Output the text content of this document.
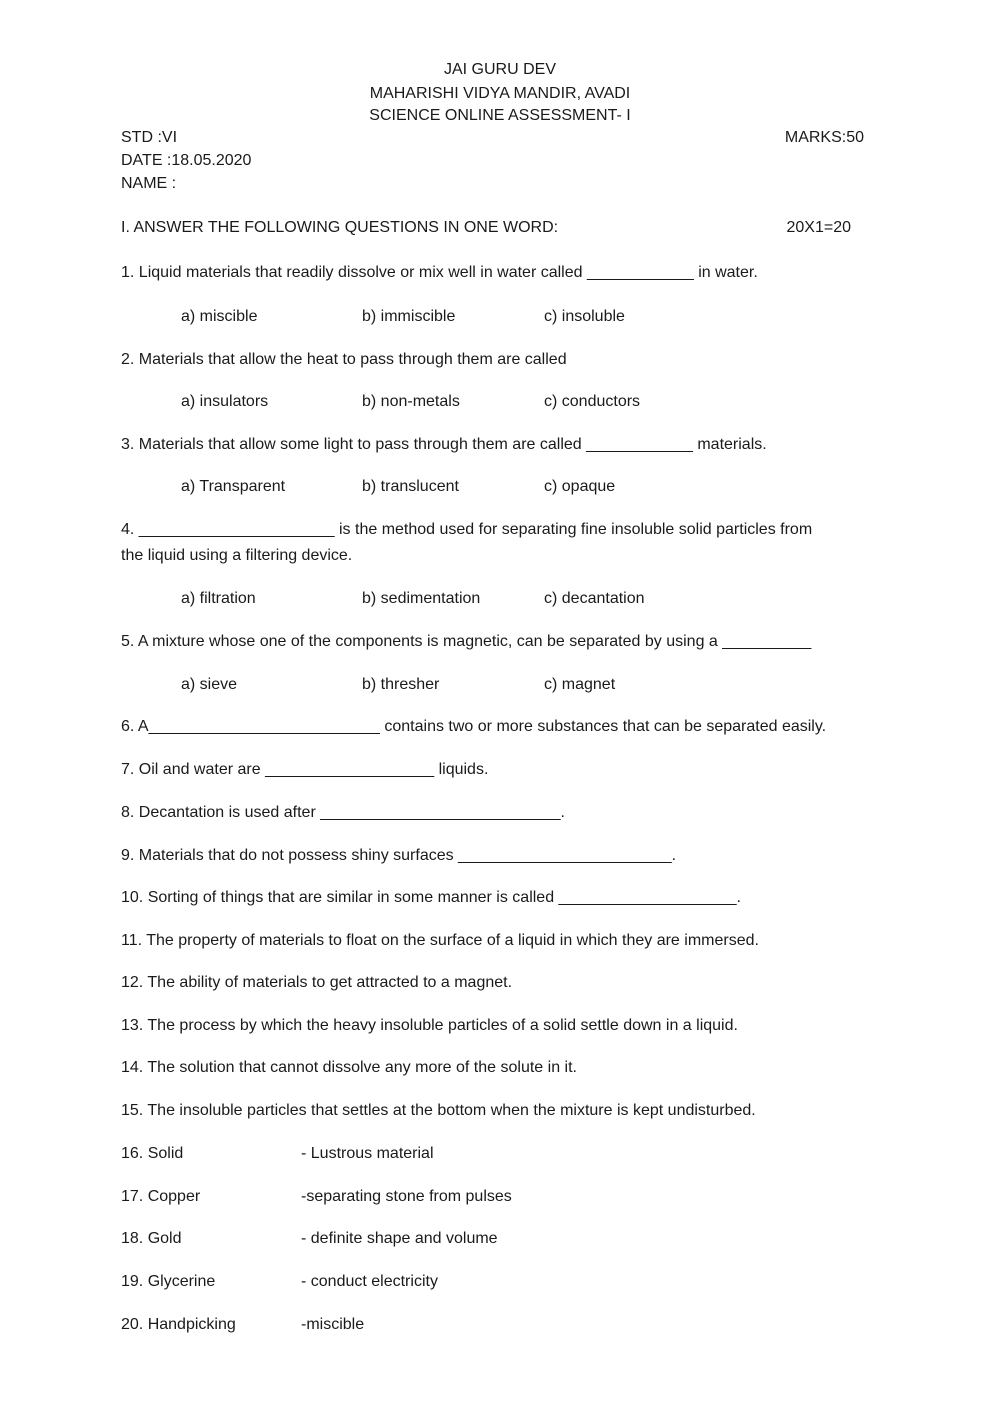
JAI GURU DEV
MAHARISHI VIDYA MANDIR, AVADI
SCIENCE ONLINE ASSESSMENT- I
STD :VI	MARKS:50
DATE :18.05.2020
NAME :
I. ANSWER THE FOLLOWING QUESTIONS IN ONE WORD:	20X1=20
1. Liquid materials that readily dissolve or mix well in water called ____________ in water.
a) miscible	b) immiscible	c) insoluble
2. Materials that allow the heat to pass through them are called
a) insulators	b) non-metals	c) conductors
3. Materials that allow some light to pass through them are called ____________ materials.
a) Transparent	b) translucent	c) opaque
4. ______________________ is the method used for separating fine insoluble solid particles from
the liquid using a filtering device.
a) filtration	b) sedimentation	c) decantation
5. A mixture whose one of the components is magnetic, can be separated by using a __________
a) sieve	b) thresher	c) magnet
6. A__________________________ contains two or more substances that can be separated easily.
7. Oil and water are ___________________ liquids.
8. Decantation is used after ___________________________.
9. Materials that do not possess shiny surfaces ________________________.
10. Sorting of things that are similar in some manner is called ____________________.
11. The property of materials to float on the surface of a liquid in which they are immersed.
12. The ability of materials to get attracted to a magnet.
13. The process by which the heavy insoluble particles of a solid settle down in a liquid.
14. The solution that cannot dissolve any more of the solute in it.
15. The insoluble particles that settles at the bottom when the mixture is kept undisturbed.
16. Solid	- Lustrous material
17. Copper	-separating stone from pulses
18. Gold	- definite shape and volume
19. Glycerine	- conduct electricity
20. Handpicking	-miscible
